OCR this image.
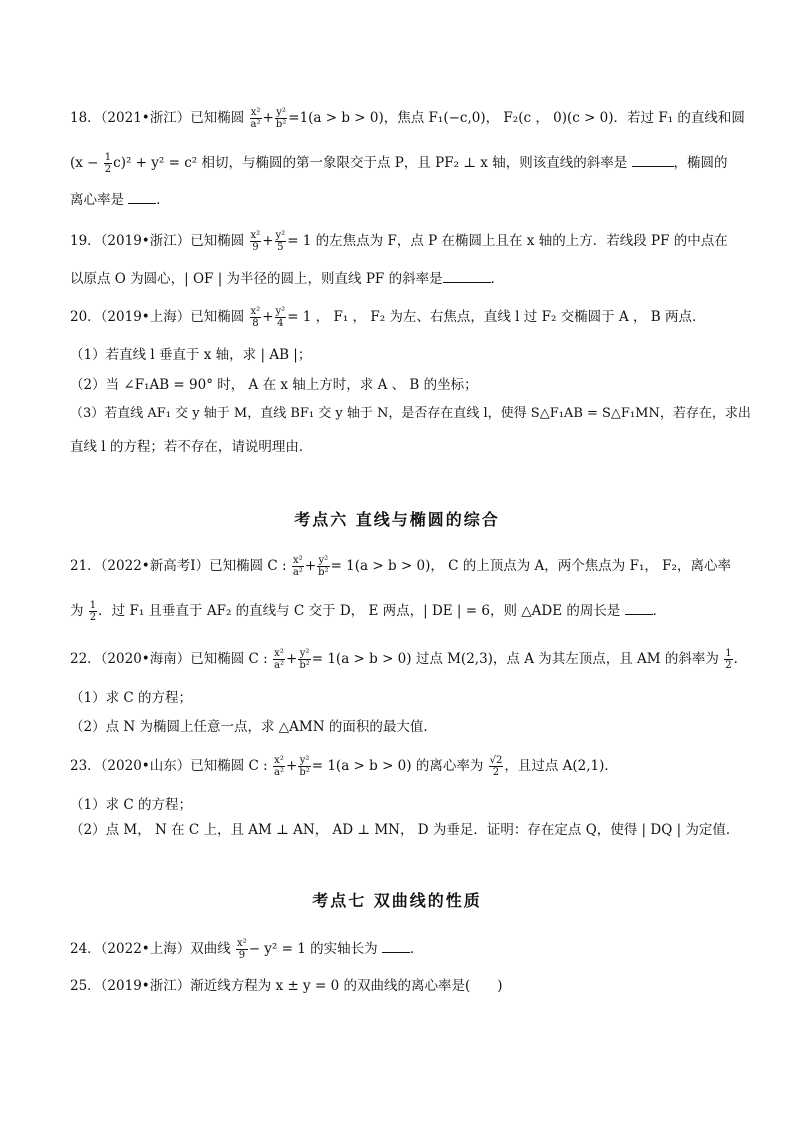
18．（2021•浙江）已知椭圆 $\frac{\text{x²}}{\text{a²}} + \frac{\text{y²}}{\text{b²}} =1(a > b > 0)$，焦点 F₁(−c,0)， F₂(c ， 0)(c > 0)．若过 F₁ 的直线和圆
$(x - \frac{1}{2} c)^2 + y^2 = c^2$ 相切，与椭圆的第一象限交于点 P，且 PF₂ ⊥ x 轴，则该直线的斜率是	，椭圆的
离心率是 ．
19．（2019•浙江）已知椭圆 $\frac{\text{x²}}{9} + \frac{\text{y²}}{5} = 1$ 的左焦点为 F，点 P 在椭圆上且在 x 轴的上方．若线段 PF 的中点在
以原点 O 为圆心，| OF | 为半径的圆上，则直线 PF 的斜率是	．
20．（2019•上海）已知椭圆 $\frac{\text{x²}}{8} + \frac{\text{y²}}{4} = 1$ ， F₁ ， F₂ 为左、右焦点，直线 l 过 F₂ 交椭圆于 A ， B 两点．
（1）若直线 l 垂直于 x 轴，求 | AB |；
（2）当 ∠F₁AB = 90° 时， A 在 x 轴上方时，求 A 、 B 的坐标；
（3）若直线 AF₁ 交 y 轴于 M，直线 BF₁ 交 y 轴于 N，是否存在直线 l，使得 S△F₁AB = S△F₁MN，若存在，求出
直线 l 的方程；若不存在，请说明理由．
考点六 直线与椭圆的综合
21．（2022•新高考Ⅰ）已知椭圆 C : $\frac{\text{x²}}{\text{a²}} + \frac{\text{y²}}{\text{b²}} = 1(a > b > 0)$， C 的上顶点为 A，两个焦点为 F₁， F₂，离心率
为 $\frac{1}{2}$ ．过 F₁ 且垂直于 AF₂ 的直线与 C 交于 D， E 两点，| DE | = 6，则 △ADE 的周长是 ．
22．（2020•海南）已知椭圆 C : $\frac{\text{x²}}{\text{a²}} + \frac{\text{y²}}{\text{b²}} = 1(a > b > 0)$ 过点 M(2,3)，点 A 为其左顶点，且 AM 的斜率为 $\frac{1}{2}$ ．
（1）求 C 的方程；
（2）点 N 为椭圆上任意一点，求 △AMN 的面积的最大值．
23．（2020•山东）已知椭圆 C : $\frac{\text{x²}}{\text{a²}} + \frac{\text{y²}}{\text{b²}} = 1(a > b > 0)$ 的离心率为 $\frac{√2}{2}$ ，且过点 A(2,1)．
（1）求 C 的方程；
（2）点 M， N 在 C 上，且 AM ⊥ AN， AD ⊥ MN， D 为垂足．证明：存在定点 Q，使得 | DQ | 为定值．
考点七 双曲线的性质
24．（2022•上海）双曲线 $\frac{\text{x²}}{9} - y^2 = 1$ 的实轴长为 ．
25．（2019•浙江）渐近线方程为 x ± y = 0 的双曲线的离心率是(　　)
